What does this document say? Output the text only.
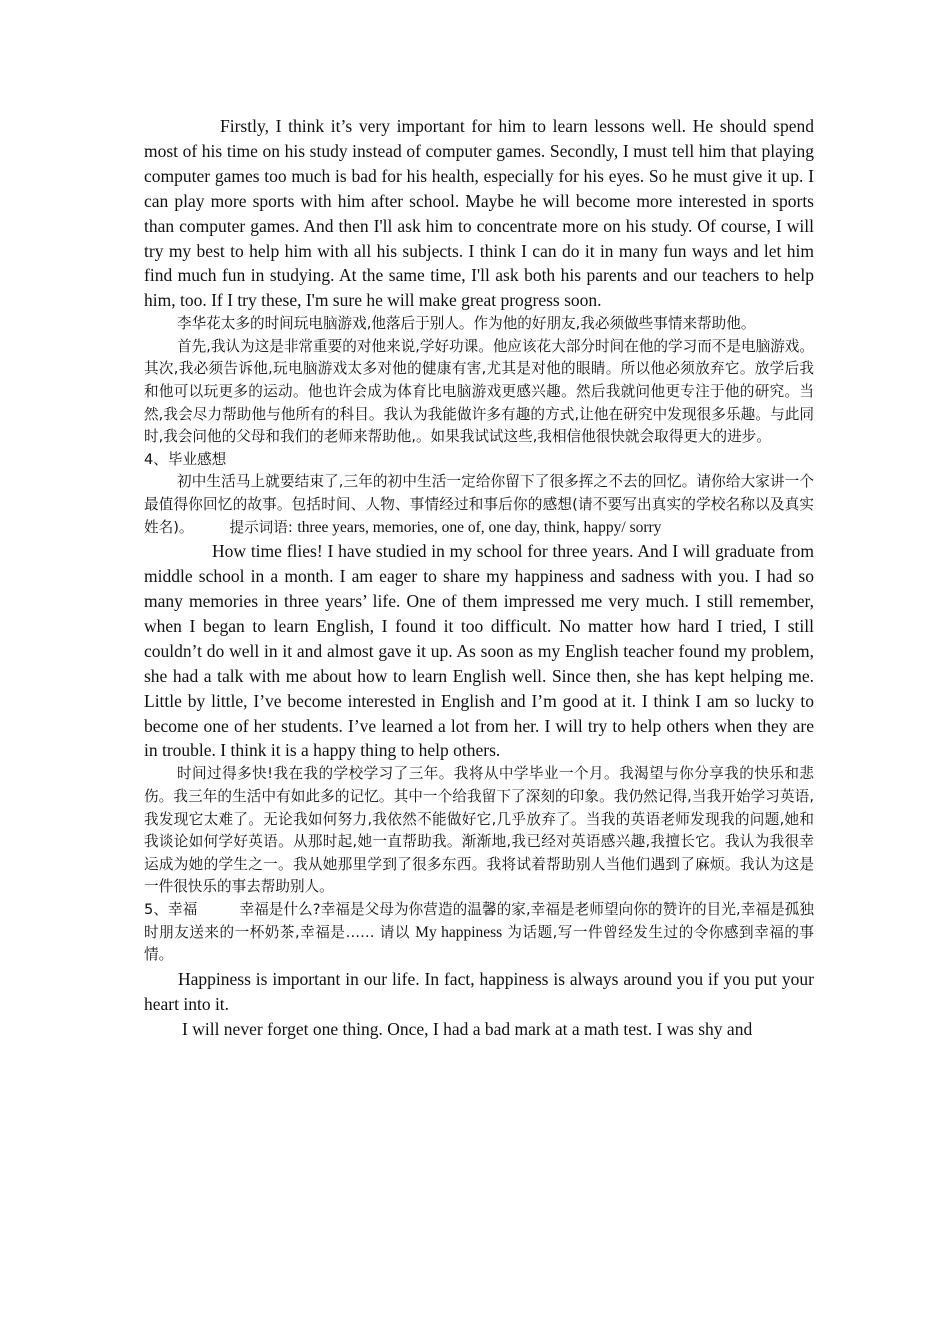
Firstly, I think it’s very important for him to learn lessons well. He should spend most of his time on his study instead of computer games. Secondly, I must tell him that playing computer games too much is bad for his health, especially for his eyes. So he must give it up. I can play more sports with him after school. Maybe he will become more interested in sports than computer games. And then I'll ask him to concentrate more on his study. Of course, I will try my best to help him with all his subjects. I think I can do it in many fun ways and let him find much fun in studying. At the same time, I'll ask both his parents and our teachers to help him, too. If I try these, I'm sure he will make great progress soon.

李华花太多的时间玩电脑游戏,他落后于别人。作为他的好朋友,我必须做些事情来帮助他。

首先,我认为这是非常重要的对他来说,学好功课。他应该花大部分时间在他的学习而不是电脑游戏。其次,我必须告诉他,玩电脑游戏太多对他的健康有害,尤其是对他的眼睛。所以他必须放弃它。放学后我和他可以玩更多的运动。他也许会成为体育比电脑游戏更感兴趣。然后我就问他更专注于他的研究。当然,我会尽力帮助他与他所有的科目。我认为我能做许多有趣的方式,让他在研究中发现很多乐趣。与此同时,我会问他的父母和我们的老师来帮助他,。如果我试试这些,我相信他很快就会取得更大的进步。

4、毕业感想

初中生活马上就要结束了,三年的初中生活一定给你留下了很多挥之不去的回忆。请你给大家讲一个最值得你回忆的故事。包括时间、人物、事情经过和事后你的感想(请不要写出真实的学校名称以及真实姓名)。 提示词语: three years, memories, one of, one day, think, happy/ sorry

How time flies! I have studied in my school for three years. And I will graduate from middle school in a month. I am eager to share my happiness and sadness with you. I had so many memories in three years’ life. One of them impressed me very much. I still remember, when I began to learn English, I found it too difficult. No matter how hard I tried, I still couldn’t do well in it and almost gave it up. As soon as my English teacher found my problem, she had a talk with me about how to learn English well. Since then, she has kept helping me. Little by little, I’ve become interested in English and I’m good at it. I think I am so lucky to become one of her students. I’ve learned a lot from her. I will try to help others when they are in trouble. I think it is a happy thing to help others.

时间过得多快!我在我的学校学习了三年。我将从中学毕业一个月。我渴望与你分享我的快乐和悲伤。我三年的生活中有如此多的记忆。其中一个给我留下了深刻的印象。我仍然记得,当我开始学习英语,我发现它太难了。无论我如何努力,我依然不能做好它,几乎放弃了。当我的英语老师发现我的问题,她和我谈论如何学好英语。从那时起,她一直帮助我。渐渐地,我已经对英语感兴趣,我擅长它。我认为我很幸运成为她的学生之一。我从她那里学到了很多东西。我将试着帮助别人当他们遇到了麻烦。我认为这是一件很快乐的事去帮助别人。

5、幸福	幸福是什么?幸福是父母为你营造的温馨的家,幸福是老师望向你的赞许的目光,幸福是孤独时朋友送来的一杯奶茶,幸福是…… 请以 My happiness 为话题,写一件曾经发生过的令你感到幸福的事情。

Happiness is important in our life. In fact, happiness is always around you if you put your heart into it.

I will never forget one thing. Once, I had a bad mark at a math test. I was shy and
